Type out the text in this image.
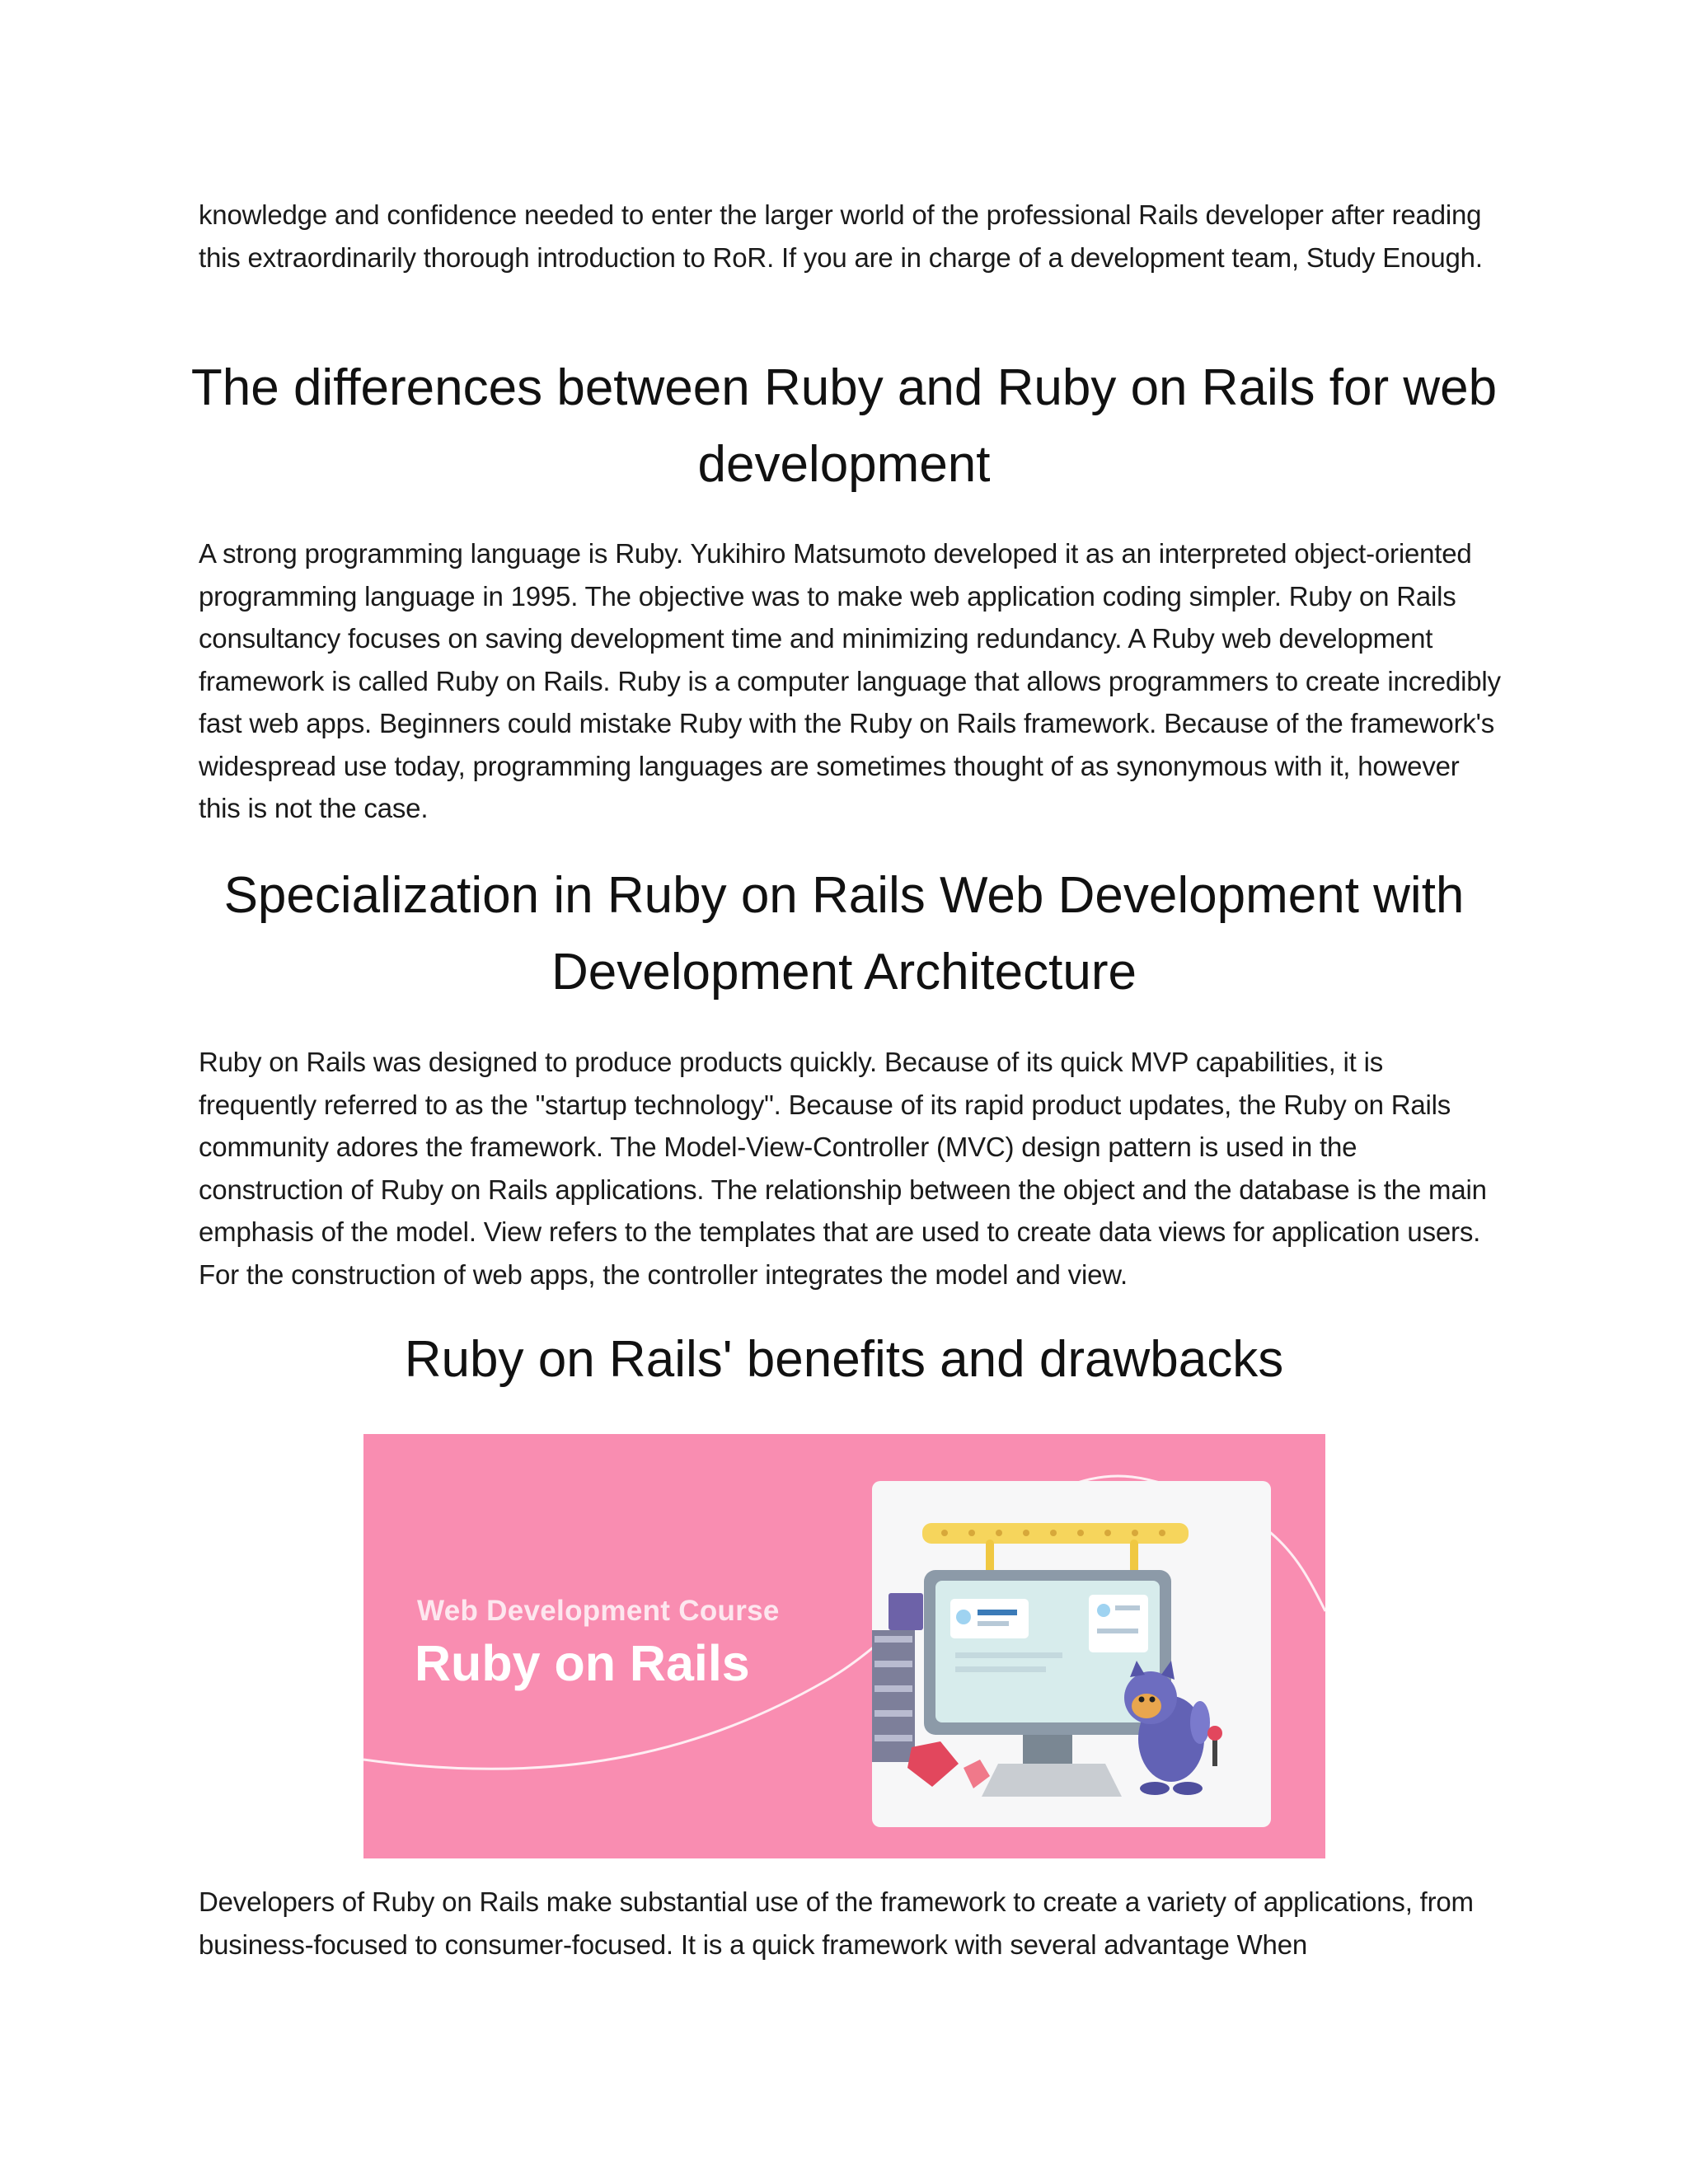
knowledge and confidence needed to enter the larger world of the professional Rails developer after reading this extraordinarily thorough introduction to RoR. If you are in charge of a development team, Study Enough.

The differences between Ruby and Ruby on Rails for web development

A strong programming language is Ruby. Yukihiro Matsumoto developed it as an interpreted object-oriented programming language in 1995. The objective was to make web application coding simpler. Ruby on Rails consultancy focuses on saving development time and minimizing redundancy. A Ruby web development framework is called Ruby on Rails. Ruby is a computer language that allows programmers to create incredibly fast web apps. Beginners could mistake Ruby with the Ruby on Rails framework. Because of the framework's widespread use today, programming languages are sometimes thought of as synonymous with it, however this is not the case.

Specialization in Ruby on Rails Web Development with Development Architecture

Ruby on Rails was designed to produce products quickly. Because of its quick MVP capabilities, it is frequently referred to as the "startup technology". Because of its rapid product updates, the Ruby on Rails community adores the framework. The Model-View-Controller (MVC) design pattern is used in the construction of Ruby on Rails applications. The relationship between the object and the database is the main emphasis of the model. View refers to the templates that are used to create data views for application users. For the construction of web apps, the controller integrates the model and view.

Ruby on Rails' benefits and drawbacks
Web Development Course
Ruby on Rails

Developers of Ruby on Rails make substantial use of the framework to create a variety of applications, from business-focused to consumer-focused. It is a quick framework with several advantage When
